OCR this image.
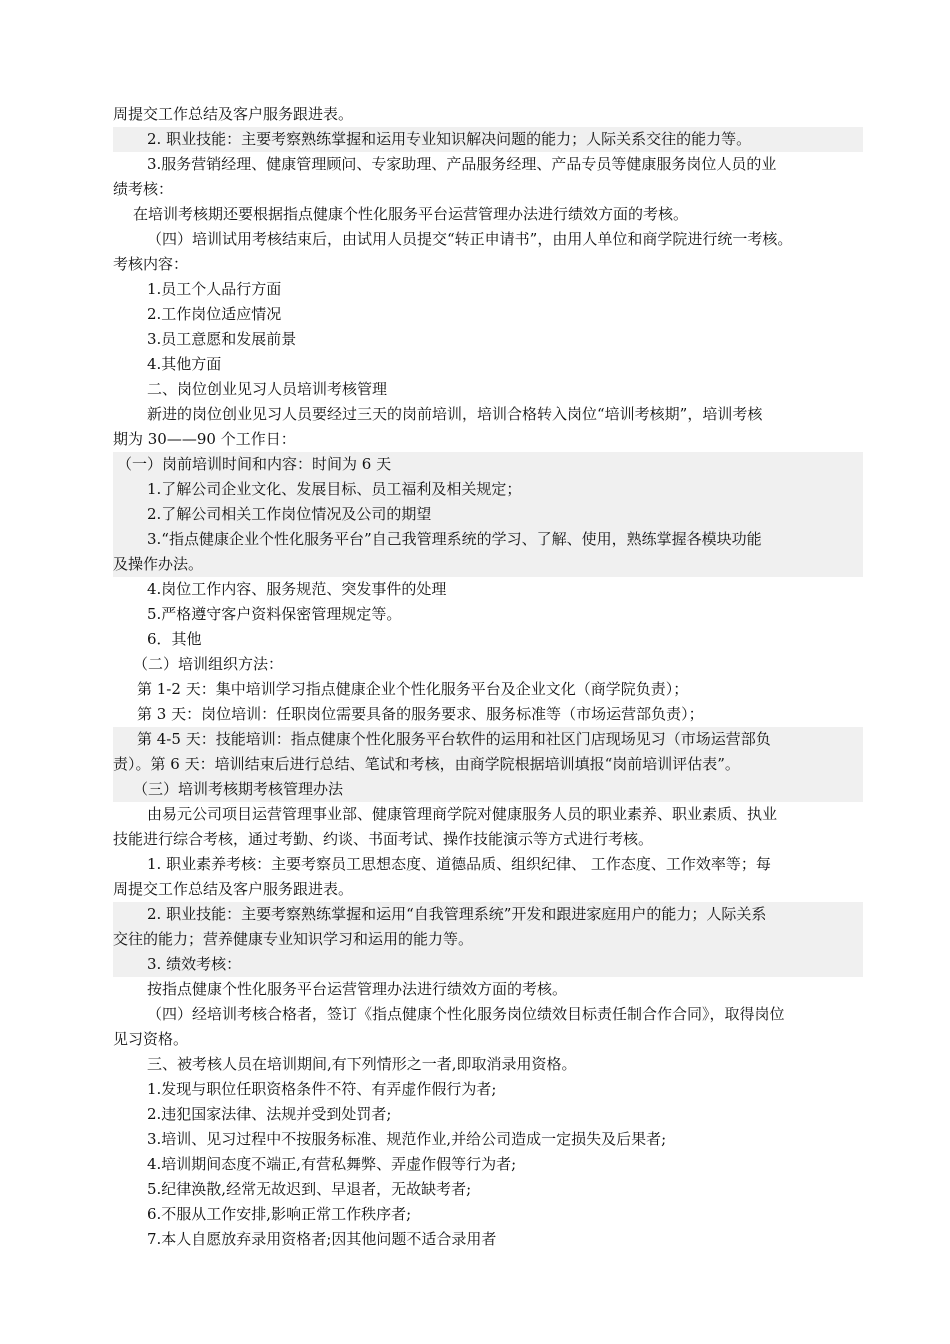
周提交工作总结及客户服务跟进表。
2. 职业技能：主要考察熟练掌握和运用专业知识解决问题的能力；人际关系交往的能力等。
3.服务营销经理、健康管理顾问、专家助理、产品服务经理、产品专员等健康服务岗位人员的业
绩考核：
在培训考核期还要根据指点健康个性化服务平台运营管理办法进行绩效方面的考核。
（四）培训试用考核结束后，由试用人员提交“转正申请书”，由用人单位和商学院进行统一考核。
考核内容：
1.员工个人品行方面
2.工作岗位适应情况
3.员工意愿和发展前景
4.其他方面
二、岗位创业见习人员培训考核管理
新进的岗位创业见习人员要经过三天的岗前培训，培训合格转入岗位“培训考核期”，培训考核
期为 30——90 个工作日：
（一）岗前培训时间和内容：时间为 6 天
1.了解公司企业文化、发展目标、员工福利及相关规定；
2.了解公司相关工作岗位情况及公司的期望
3.“指点健康企业个性化服务平台”自己我管理系统的学习、了解、使用，熟练掌握各模块功能
及操作办法。
4.岗位工作内容、服务规范、突发事件的处理
5.严格遵守客户资料保密管理规定等。
6．其他
（二）培训组织方法：
第 1-2 天：集中培训学习指点健康企业个性化服务平台及企业文化（商学院负责）；
第 3 天：岗位培训：任职岗位需要具备的服务要求、服务标准等（市场运营部负责）；
第 4-5 天：技能培训：指点健康个性化服务平台软件的运用和社区门店现场见习（市场运营部负
责）。第 6 天：培训结束后进行总结、笔试和考核，由商学院根据培训填报“岗前培训评估表”。
（三）培训考核期考核管理办法
由易元公司项目运营管理事业部、健康管理商学院对健康服务人员的职业素养、职业素质、执业
技能进行综合考核，通过考勤、约谈、书面考试、操作技能演示等方式进行考核。
1. 职业素养考核：主要考察员工思想态度、道德品质、组织纪律、 工作态度、工作效率等；每
周提交工作总结及客户服务跟进表。
2. 职业技能：主要考察熟练掌握和运用“自我管理系统”开发和跟进家庭用户的能力；人际关系
交往的能力；营养健康专业知识学习和运用的能力等。
3. 绩效考核：
按指点健康个性化服务平台运营管理办法进行绩效方面的考核。
（四）经培训考核合格者，签订《指点健康个性化服务岗位绩效目标责任制合作合同》，取得岗位
见习资格。
三、被考核人员在培训期间,有下列情形之一者,即取消录用资格。
1.发现与职位任职资格条件不符、有弄虚作假行为者;
2.违犯国家法律、法规并受到处罚者;
3.培训、见习过程中不按服务标准、规范作业,并给公司造成一定损失及后果者;
4.培训期间态度不端正,有营私舞弊、弄虚作假等行为者;
5.纪律涣散,经常无故迟到、早退者，无故缺考者;
6.不服从工作安排,影响正常工作秩序者;
7.本人自愿放弃录用资格者;因其他问题不适合录用者
